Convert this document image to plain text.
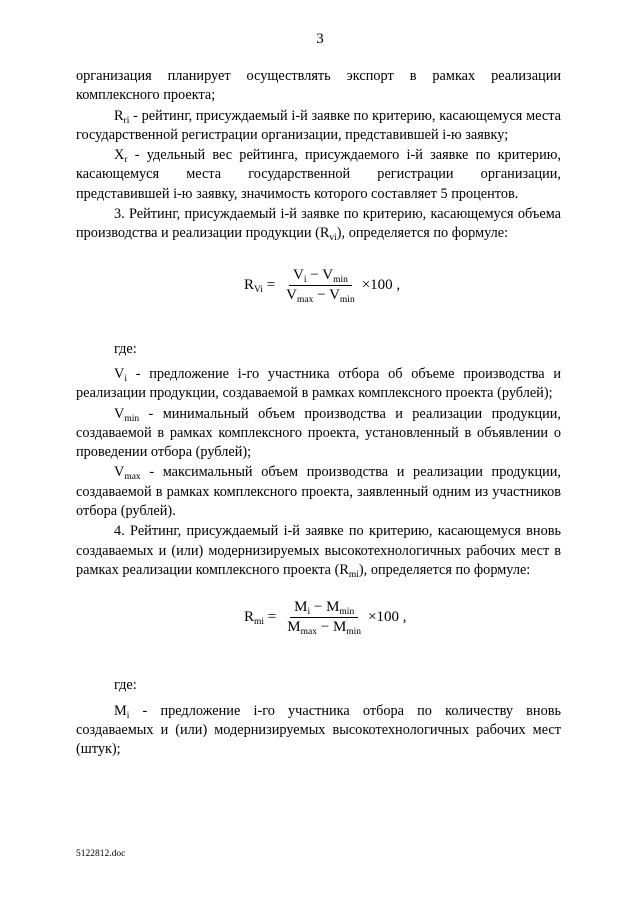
3

организация планирует осуществлять экспорт в рамках реализации комплексного проекта;

$R_{ri}$ - рейтинг, присуждаемый i-й заявке по критерию, касающемуся места государственной регистрации организации, представившей i-ю заявку;

$X_r$ - удельный вес рейтинга, присуждаемого i-й заявке по критерию, касающемуся места государственной регистрации организации, представившей i-ю заявку, значимость которого составляет 5 процентов.

3. Рейтинг, присуждаемый i-й заявке по критерию, касающемуся объема производства и реализации продукции $(R_{vi})$, определяется по формуле:

$R_{Vi} = \frac{V_i - V_{min}}{V_{max} - V_{min}} \times 100$ ,

где:

$V_i$ - предложение i-го участника отбора об объеме производства и реализации продукции, создаваемой в рамках комплексного проекта (рублей);

$V_{min}$ - минимальный объем производства и реализации продукции, создаваемой в рамках комплексного проекта, установленный в объявлении о проведении отбора (рублей);

$V_{max}$ - максимальный объем производства и реализации продукции, создаваемой в рамках комплексного проекта, заявленный одним из участников отбора (рублей).

4. Рейтинг, присуждаемый i-й заявке по критерию, касающемуся вновь создаваемых и (или) модернизируемых высокотехнологичных рабочих мест в рамках реализации комплексного проекта $(R_{mi})$, определяется по формуле:

$R_{mi} = \frac{M_i - M_{min}}{M_{max} - M_{min}} \times 100$ ,

где:

$M_i$ - предложение i-го участника отбора по количеству вновь создаваемых и (или) модернизируемых высокотехнологичных рабочих мест (штук);

5122812.doc
